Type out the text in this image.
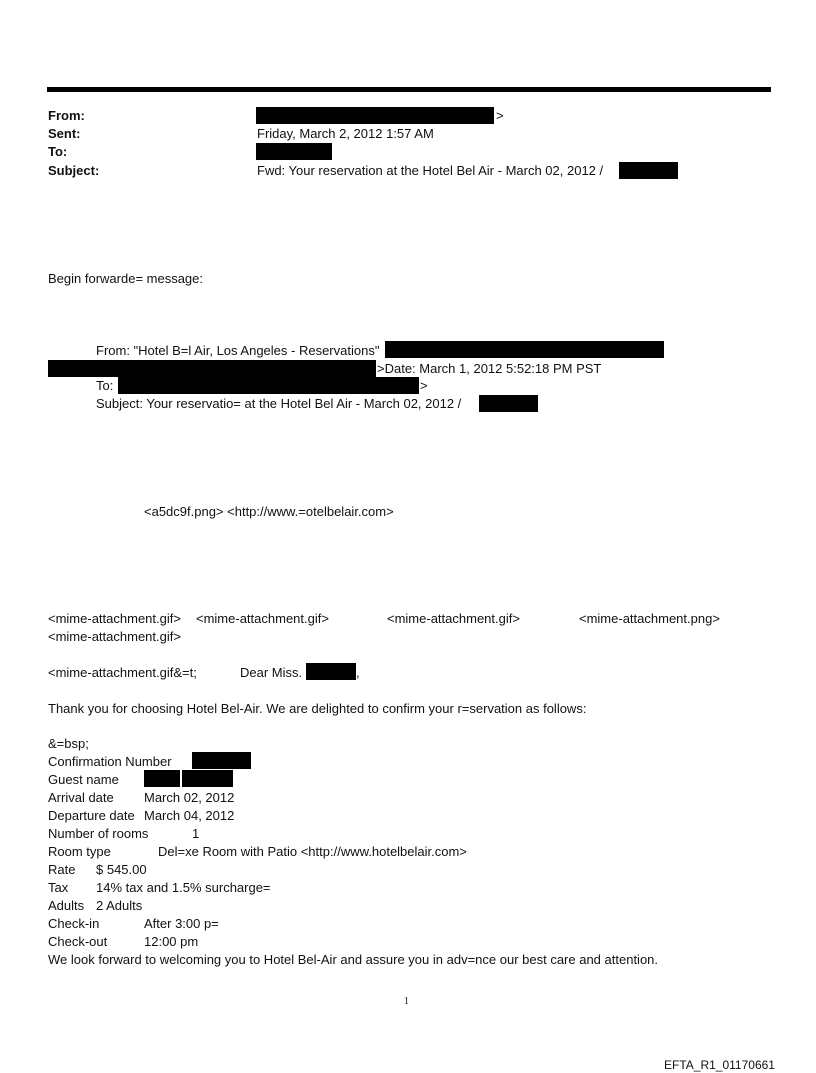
From:	>
Sent:	Friday, March 2, 2012 1:57 AM
To:
Subject:	Fwd: Your reservation at the Hotel Bel Air - March 02, 2012 /
Begin forwarde= message:
From: "Hotel B=l Air, Los Angeles - Reservations"
>Date: March 1, 2012 5:52:18 PM PST
To:	>
Subject: Your reservatio= at the Hotel Bel Air - March 02, 2012 /
<a5dc9f.png> <http://www.=otelbelair.com>
<mime-attachment.gif> <mime-attachment.gif>	<mime-attachment.gif>	<mime-attachment.png>
<mime-attachment.gif>
<mime-attachment.gif&=t;	Dear Miss.	,
Thank you for choosing Hotel Bel-Air. We are delighted to confirm your r=servation as follows:
&=bsp;
Confirmation Number
Guest name
Arrival date March 02, 2012
Departure date March 04, 2012
Number of rooms	1
Room type	Del=xe Room with Patio <http://www.hotelbelair.com>
Rate $ 545.00
Tax 14% tax and 1.5% surcharge=
Adults 2 Adults
Check-in	After 3:00 p=
Check-out	12:00 pm
We look forward to welcoming you to Hotel Bel-Air and assure you in adv=nce our best care and attention.
1
EFTA_R1_01170661
